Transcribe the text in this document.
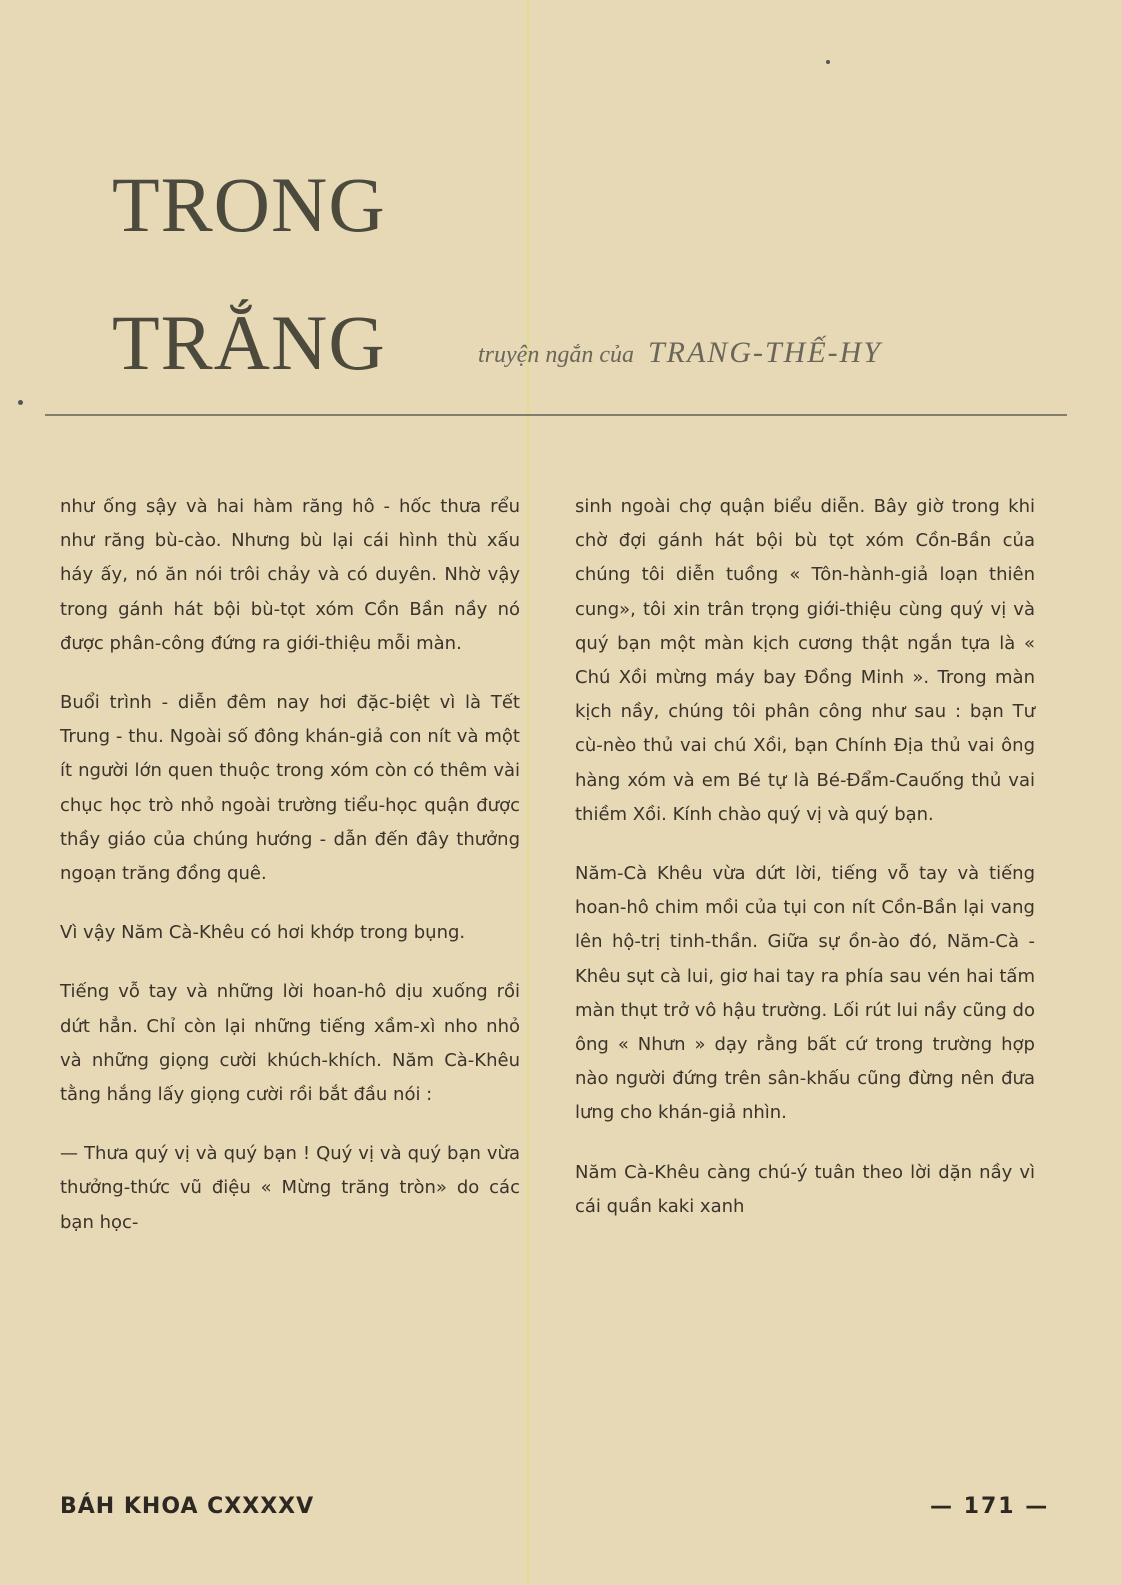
TRONG
TRẮNG	truyện ngắn của TRANG-THẾ-HY

như ống sậy và hai hàm răng hô - hốc thưa rểu như răng bù-cào. Nhưng bù lại cái hình thù xấu háy ấy, nó ăn nói trôi chảy và có duyên. Nhờ vậy trong gánh hát bội bù-tọt xóm Cồn Bần nầy nó được phân-công đứng ra giới-thiệu mỗi màn.

Buổi trình - diễn đêm nay hơi đặc-biệt vì là Tết Trung - thu. Ngoài số đông khán-giả con nít và một ít người lớn quen thuộc trong xóm còn có thêm vài chục học trò nhỏ ngoài trường tiểu-học quận được thầy giáo của chúng hướng - dẫn đến đây thưởng ngoạn trăng đồng quê.

Vì vậy Năm Cà-Khêu có hơi khớp trong bụng.

Tiếng vỗ tay và những lời hoan-hô dịu xuống rồi dứt hẳn. Chỉ còn lại những tiếng xầm-xì nho nhỏ và những giọng cười khúch-khích. Năm Cà-Khêu tằng hắng lấy giọng cười rồi bắt đầu nói :

— Thưa quý vị và quý bạn ! Quý vị và quý bạn vừa thưởng-thức vũ điệu « Mừng trăng tròn» do các bạn học-

sinh ngoài chợ quận biểu diễn. Bây giờ trong khi chờ đợi gánh hát bội bù tọt xóm Cồn-Bần của chúng tôi diễn tuồng « Tôn-hành-giả loạn thiên cung», tôi xin trân trọng giới-thiệu cùng quý vị và quý bạn một màn kịch cương thật ngắn tựa là « Chú Xồi mừng máy bay Đồng Minh ». Trong màn kịch nầy, chúng tôi phân công như sau : bạn Tư cù-nèo thủ vai chú Xồi, bạn Chính Địa thủ vai ông hàng xóm và em Bé tự là Bé-Đẩm-Cauống thủ vai thiềm Xồi. Kính chào quý vị và quý bạn.

Năm-Cà Khêu vừa dứt lời, tiếng vỗ tay và tiếng hoan-hô chim mồi của tụi con nít Cồn-Bần lại vang lên hộ-trị tinh-thần. Giữa sự ồn-ào đó, Năm-Cà - Khêu sụt cà lui, giơ hai tay ra phía sau vén hai tấm màn thụt trở vô hậu trường. Lối rút lui nầy cũng do ông « Nhưn » dạy rằng bất cứ trong trường hợp nào người đứng trên sân-khấu cũng đừng nên đưa lưng cho khán-giả nhìn.

Năm Cà-Khêu càng chú-ý tuân theo lời dặn nầy vì cái quần kaki xanh

BÁH KHOA CXXXXV	— 171 —
